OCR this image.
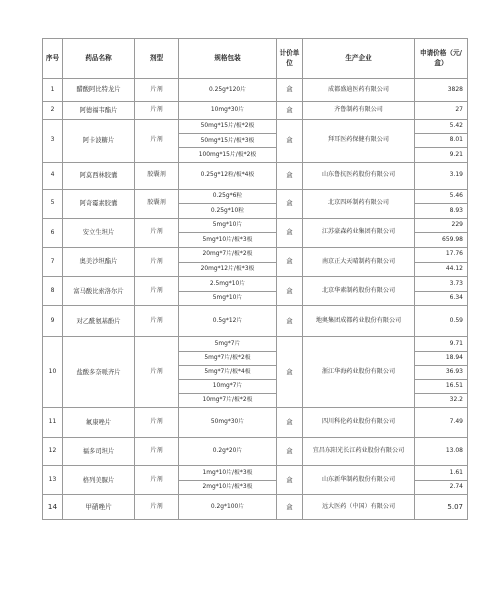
序号	药品名称	剂型	规格包装	计价单位	生产企业	申请价格（元/盒）
1	醋酸阿比特龙片	片剂	0.25g*120片	盒	成都盛迪医药有限公司	3828
2	阿德福韦酯片	片剂	10mg*30片	盒	齐鲁制药有限公司	27
3	阿卡波糖片	片剂	50mg*15片/板*2板	盒	拜耳医药保健有限公司	5.42
			50mg*15片/板*3板			8.01
			100mg*15片/板*2板			9.21
4	阿莫西林胶囊	胶囊剂	0.25g*12粒/板*4板	盒	山东鲁抗医药股份有限公司	3.19
5	阿奇霉素胶囊	胶囊剂	0.25g*6粒	盒	北京四环制药有限公司	5.46
			0.25g*10粒			8.93
6	安立生坦片	片剂	5mg*10片	盒	江苏豪森药业集团有限公司	229
			5mg*10片/板*3板			659.98
7	奥美沙坦酯片	片剂	20mg*7片/板*2板	盒	南京正大天晴制药有限公司	17.76
			20mg*12片/板*3板			44.12
8	富马酸比索洛尔片	片剂	2.5mg*10片	盒	北京华素制药股份有限公司	3.73
			5mg*10片			6.34
9	对乙酰氨基酚片	片剂	0.5g*12片	盒	地奥集团成都药业股份有限公司	0.59
10	盐酸多奈哌齐片	片剂	5mg*7片	盒	浙江华海药业股份有限公司	9.71
			5mg*7片/板*2板			18.94
			5mg*7片/板*4板			36.93
			10mg*7片			16.51
			10mg*7片/板*2板			32.2
11	氟康唑片	片剂	50mg*30片	盒	四川科伦药业股份有限公司	7.49
12	福多司坦片	片剂	0.2g*20片	盒	宜昌东阳光长江药业股份有限公司	13.08
13	格列美脲片	片剂	1mg*10片/板*3板	盒	山东新华制药股份有限公司	1.61
			2mg*10片/板*3板			2.74
14	甲硝唑片	片剂	0.2g*100片	盒	远大医药（中国）有限公司	5.07
